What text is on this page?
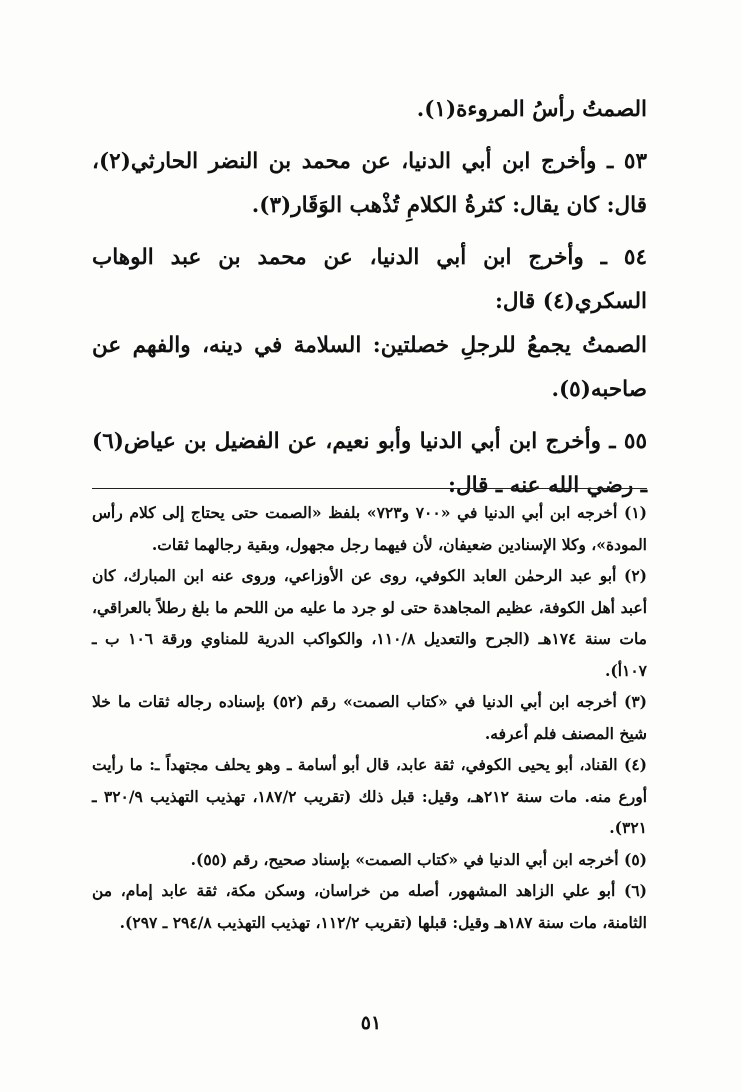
الصمتُ رأسُ المروءة(١).

٥٣ ـ وأخرج ابن أبي الدنيا، عن محمد بن النضر الحارثي(٢)، قال: كان يقال: كثرةُ الكلامِ تُذْهب الوَقَار(٣).

٥٤ ـ وأخرج ابن أبي الدنيا، عن محمد بن عبد الوهاب السكري(٤) قال:

الصمتُ يجمعُ للرجلِ خصلتين: السلامة في دينه، والفهم عن صاحبه(٥).

٥٥ ـ وأخرج ابن أبي الدنيا وأبو نعيم، عن الفضيل بن عياض(٦) ـ رضي الله عنه ـ قال:

(١) أخرجه ابن أبي الدنيا في «٧٠٠ و٧٢٣» بلفظ «الصمت حتى يحتاج إلى كلام رأس المودة»، وكلا الإسنادين ضعيفان، لأن فيهما رجل مجهول، وبقية رجالهما ثقات.

(٢) أبو عبد الرحمٰن العابد الكوفي، روى عن الأوزاعي، وروى عنه ابن المبارك، كان أعبد أهل الكوفة، عظيم المجاهدة حتى لو جرد ما عليه من اللحم ما بلغ رطلاً بالعراقي، مات سنة ١٧٤هـ (الجرح والتعديل ١١٠/٨، والكواكب الدرية للمناوي ورقة ١٠٦ ب ـ ١٠٧أ).

(٣) أخرجه ابن أبي الدنيا في «كتاب الصمت» رقم (٥٢) بإسناده رجاله ثقات ما خلا شيخ المصنف فلم أعرفه.

(٤) القناد، أبو يحيى الكوفي، ثقة عابد، قال أبو أسامة ـ وهو يحلف مجتهداً ـ: ما رأيت أورع منه. مات سنة ٢١٢هـ، وقيل: قبل ذلك (تقريب ١٨٧/٢، تهذيب التهذيب ٣٢٠/٩ ـ ٣٢١).

(٥) أخرجه ابن أبي الدنيا في «كتاب الصمت» بإسناد صحيح، رقم (٥٥).

(٦) أبو علي الزاهد المشهور، أصله من خراسان، وسكن مكة، ثقة عابد إمام، من الثامنة، مات سنة ١٨٧هـ وقيل: قبلها (تقريب ١١٢/٢، تهذيب التهذيب ٢٩٤/٨ ـ ٢٩٧).

٥١
